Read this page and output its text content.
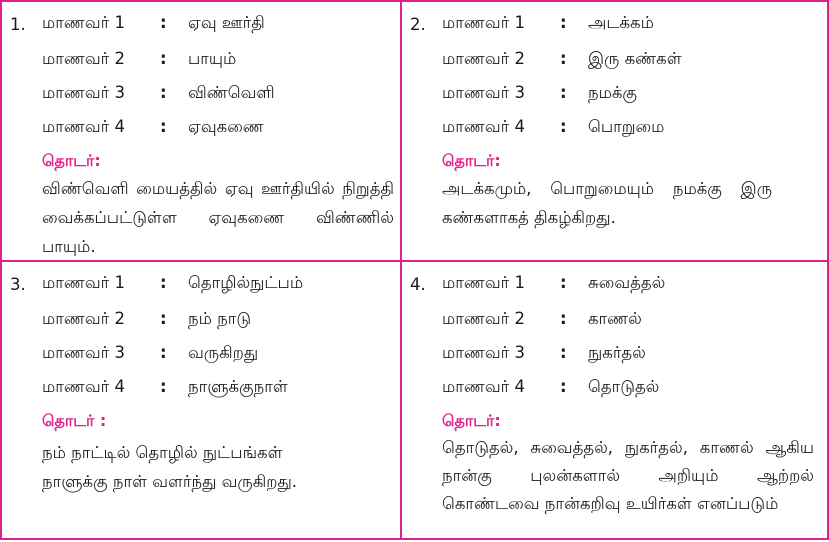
1. மாணவர் 1 : ஏவு ஊர்தி
மாணவர் 2 : பாயும்
மாணவர் 3 : விண்வெளி
மாணவர் 4 : ஏவுகணை
தொடர்:
விண்வெளி மையத்தில் ஏவு ஊர்தியில் நிறுத்தி வைக்கப்பட்டுள்ள ஏவுகணை விண்ணில் பாயும்.
2. மாணவர் 1 : அடக்கம்
மாணவர் 2 : இரு கண்கள்
மாணவர் 3 : நமக்கு
மாணவர் 4 : பொறுமை
தொடர்:
அடக்கமும், பொறுமையும் நமக்கு இரு கண்களாகத் திகழ்கிறது.
3. மாணவர் 1 : தொழில்நுட்பம்
மாணவர் 2 : நம் நாடு
மாணவர் 3 : வருகிறது
மாணவர் 4 : நாளுக்குநாள்
தொடர் :
நம் நாட்டில் தொழில் நுட்பங்கள் நாளுக்கு நாள் வளர்ந்து வருகிறது.
4. மாணவர் 1 : சுவைத்தல்
மாணவர் 2 : காணல்
மாணவர் 3 : நுகர்தல்
மாணவர் 4 : தொடுதல்
தொடர்:
தொடுதல், சுவைத்தல், நுகர்தல், காணல் ஆகிய நான்கு புலன்களால் அறியும் ஆற்றல் கொண்டவை நான்கறிவு உயிர்கள் எனப்படும்
